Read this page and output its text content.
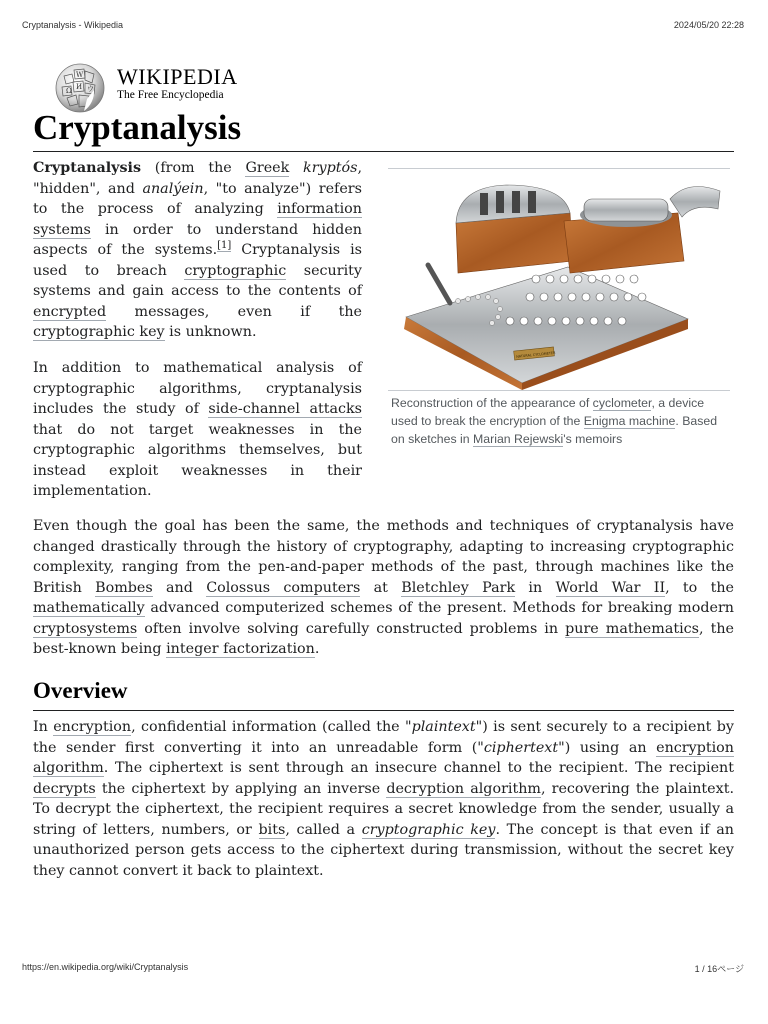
Cryptanalysis - Wikipedia	2024/05/20 22:28
W
Ω И ウ WIKIPEDIA
The Free Encyclopedia
Cryptanalysis

Cryptanalysis (from the Greek kryptós, "hidden", and analýein, "to analyze") refers to the process of analyzing information systems in order to understand hidden aspects of the systems.[1] Cryptanalysis is used to breach cryptographic security systems and gain access to the contents of encrypted messages, even if the cryptographic key is unknown.

In addition to mathematical analysis of cryptographic algorithms, cryptanalysis includes the study of side-channel attacks that do not target weaknesses in the cryptographic algorithms themselves, but instead exploit weaknesses in their implementation.

NATURAL CYCLOMETER
Reconstruction of the appearance of cyclometer, a device used to break the encryption of the Enigma machine. Based on sketches in Marian Rejewski's memoirs

Even though the goal has been the same, the methods and techniques of cryptanalysis have changed drastically through the history of cryptography, adapting to increasing cryptographic complexity, ranging from the pen-and-paper methods of the past, through machines like the British Bombes and Colossus computers at Bletchley Park in World War II, to the mathematically advanced computerized schemes of the present. Methods for breaking modern cryptosystems often involve solving carefully constructed problems in pure mathematics, the best-known being integer factorization.

Overview

In encryption, confidential information (called the "plaintext") is sent securely to a recipient by the sender first converting it into an unreadable form ("ciphertext") using an encryption algorithm. The ciphertext is sent through an insecure channel to the recipient. The recipient decrypts the ciphertext by applying an inverse decryption algorithm, recovering the plaintext. To decrypt the ciphertext, the recipient requires a secret knowledge from the sender, usually a string of letters, numbers, or bits, called a cryptographic key. The concept is that even if an unauthorized person gets access to the ciphertext during transmission, without the secret key they cannot convert it back to plaintext.

https://en.wikipedia.org/wiki/Cryptanalysis	1 / 16ページ
